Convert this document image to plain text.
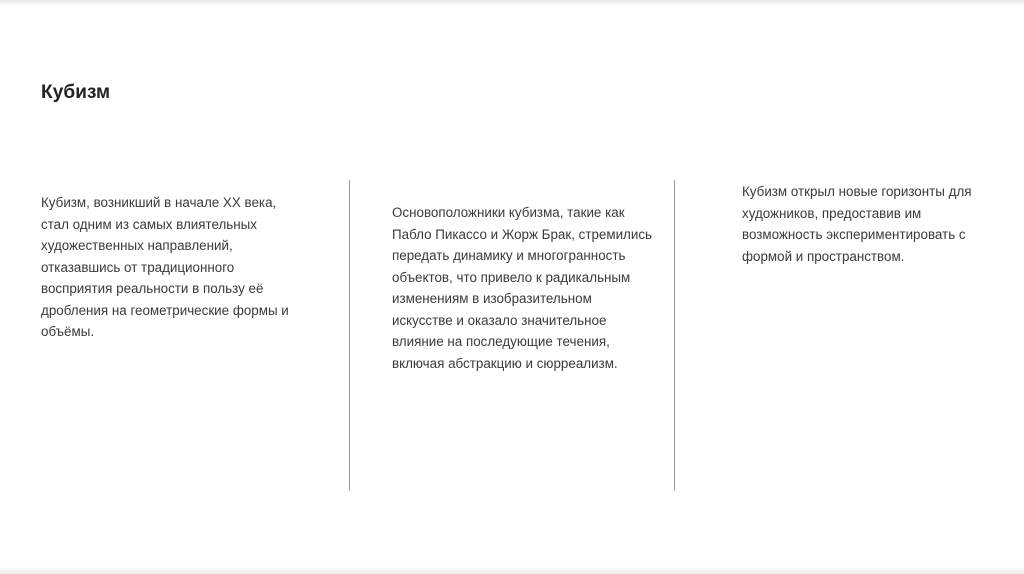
Кубизм

Кубизм, возникший в начале XX века,
стал одним из самых влиятельных
художественных направлений,
отказавшись от традиционного
восприятия реальности в пользу её
дробления на геометрические формы и
объёмы.

Основоположники кубизма, такие как
Пабло Пикассо и Жорж Брак, стремились
передать динамику и многогранность
объектов, что привело к радикальным
изменениям в изобразительном
искусстве и оказало значительное
влияние на последующие течения,
включая абстракцию и сюрреализм.

Кубизм открыл новые горизонты для
художников, предоставив им
возможность экспериментировать с
формой и пространством.
